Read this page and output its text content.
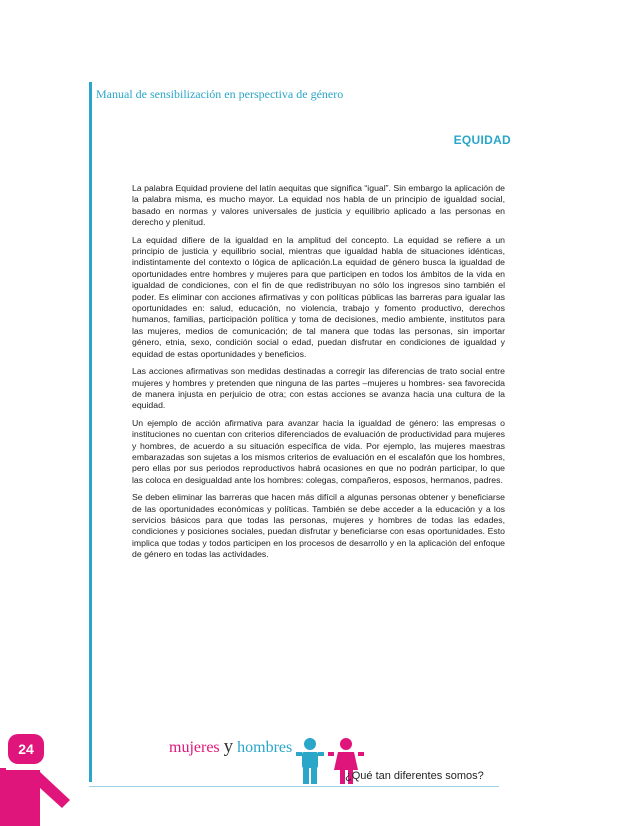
Manual de sensibilización en perspectiva de género
EQUIDAD

La palabra Equidad proviene del latín aequitas que significa “igual”. Sin embargo la aplicación de la palabra misma, es mucho mayor. La equidad nos habla de un principio de igualdad social, basado en normas y valores universales de justicia y equilibrio aplicado a las personas en derecho y plenitud.

La equidad difiere de la igualdad en la amplitud del concepto. La equidad se refiere a un principio de justicia y equilibrio social, mientras que igualdad habla de situaciones idénticas, indistintamente del contexto o lógica de aplicación.La equidad de género busca la igualdad de oportunidades entre hombres y mujeres para que participen en todos los ámbitos de la vida en igualdad de condiciones, con el fin de que redistribuyan no sólo los ingresos sino también el poder. Es eliminar con acciones afirmativas y con políticas públicas las barreras para igualar las oportunidades en: salud, educación, no violencia, trabajo y fomento productivo, derechos humanos, familias, participación política y toma de decisiones, medio ambiente, institutos para las mujeres, medios de comunicación; de tal manera que todas las personas, sin importar género, etnia, sexo, condición social o edad, puedan disfrutar en condiciones de igualdad y equidad de estas oportunidades y beneficios.

Las acciones afirmativas son medidas destinadas a corregir las diferencias de trato social entre mujeres y hombres y pretenden que ninguna de las partes –mujeres u hombres- sea favorecida de manera injusta en perjuicio de otra; con estas acciones se avanza hacia una cultura de la equidad.

Un ejemplo de acción afirmativa para avanzar hacia la igualdad de género: las empresas o instituciones no cuentan con criterios diferenciados de evaluación de productividad para mujeres y hombres, de acuerdo a su situación específica de vida. Por ejemplo, las mujeres maestras embarazadas son sujetas a los mismos criterios de evaluación en el escalafón que los hombres, pero ellas por sus periodos reproductivos habrá ocasiones en que no podrán participar, lo que las coloca en desigualdad ante los hombres: colegas, compañeros, esposos, hermanos, padres.

Se deben eliminar las barreras que hacen más difícil a algunas personas obtener y beneficiarse de las oportunidades económicas y políticas. También se debe acceder a la educación y a los servicios básicos para que todas las personas, mujeres y hombres de todas las edades, condiciones y posiciones sociales, puedan disfrutar y beneficiarse con esas oportunidades. Esto implica que todas y todos participen en los procesos de desarrollo y en la aplicación del enfoque de género en todas las actividades.

24	mujeres y hombres
¿Qué tan diferentes somos?
